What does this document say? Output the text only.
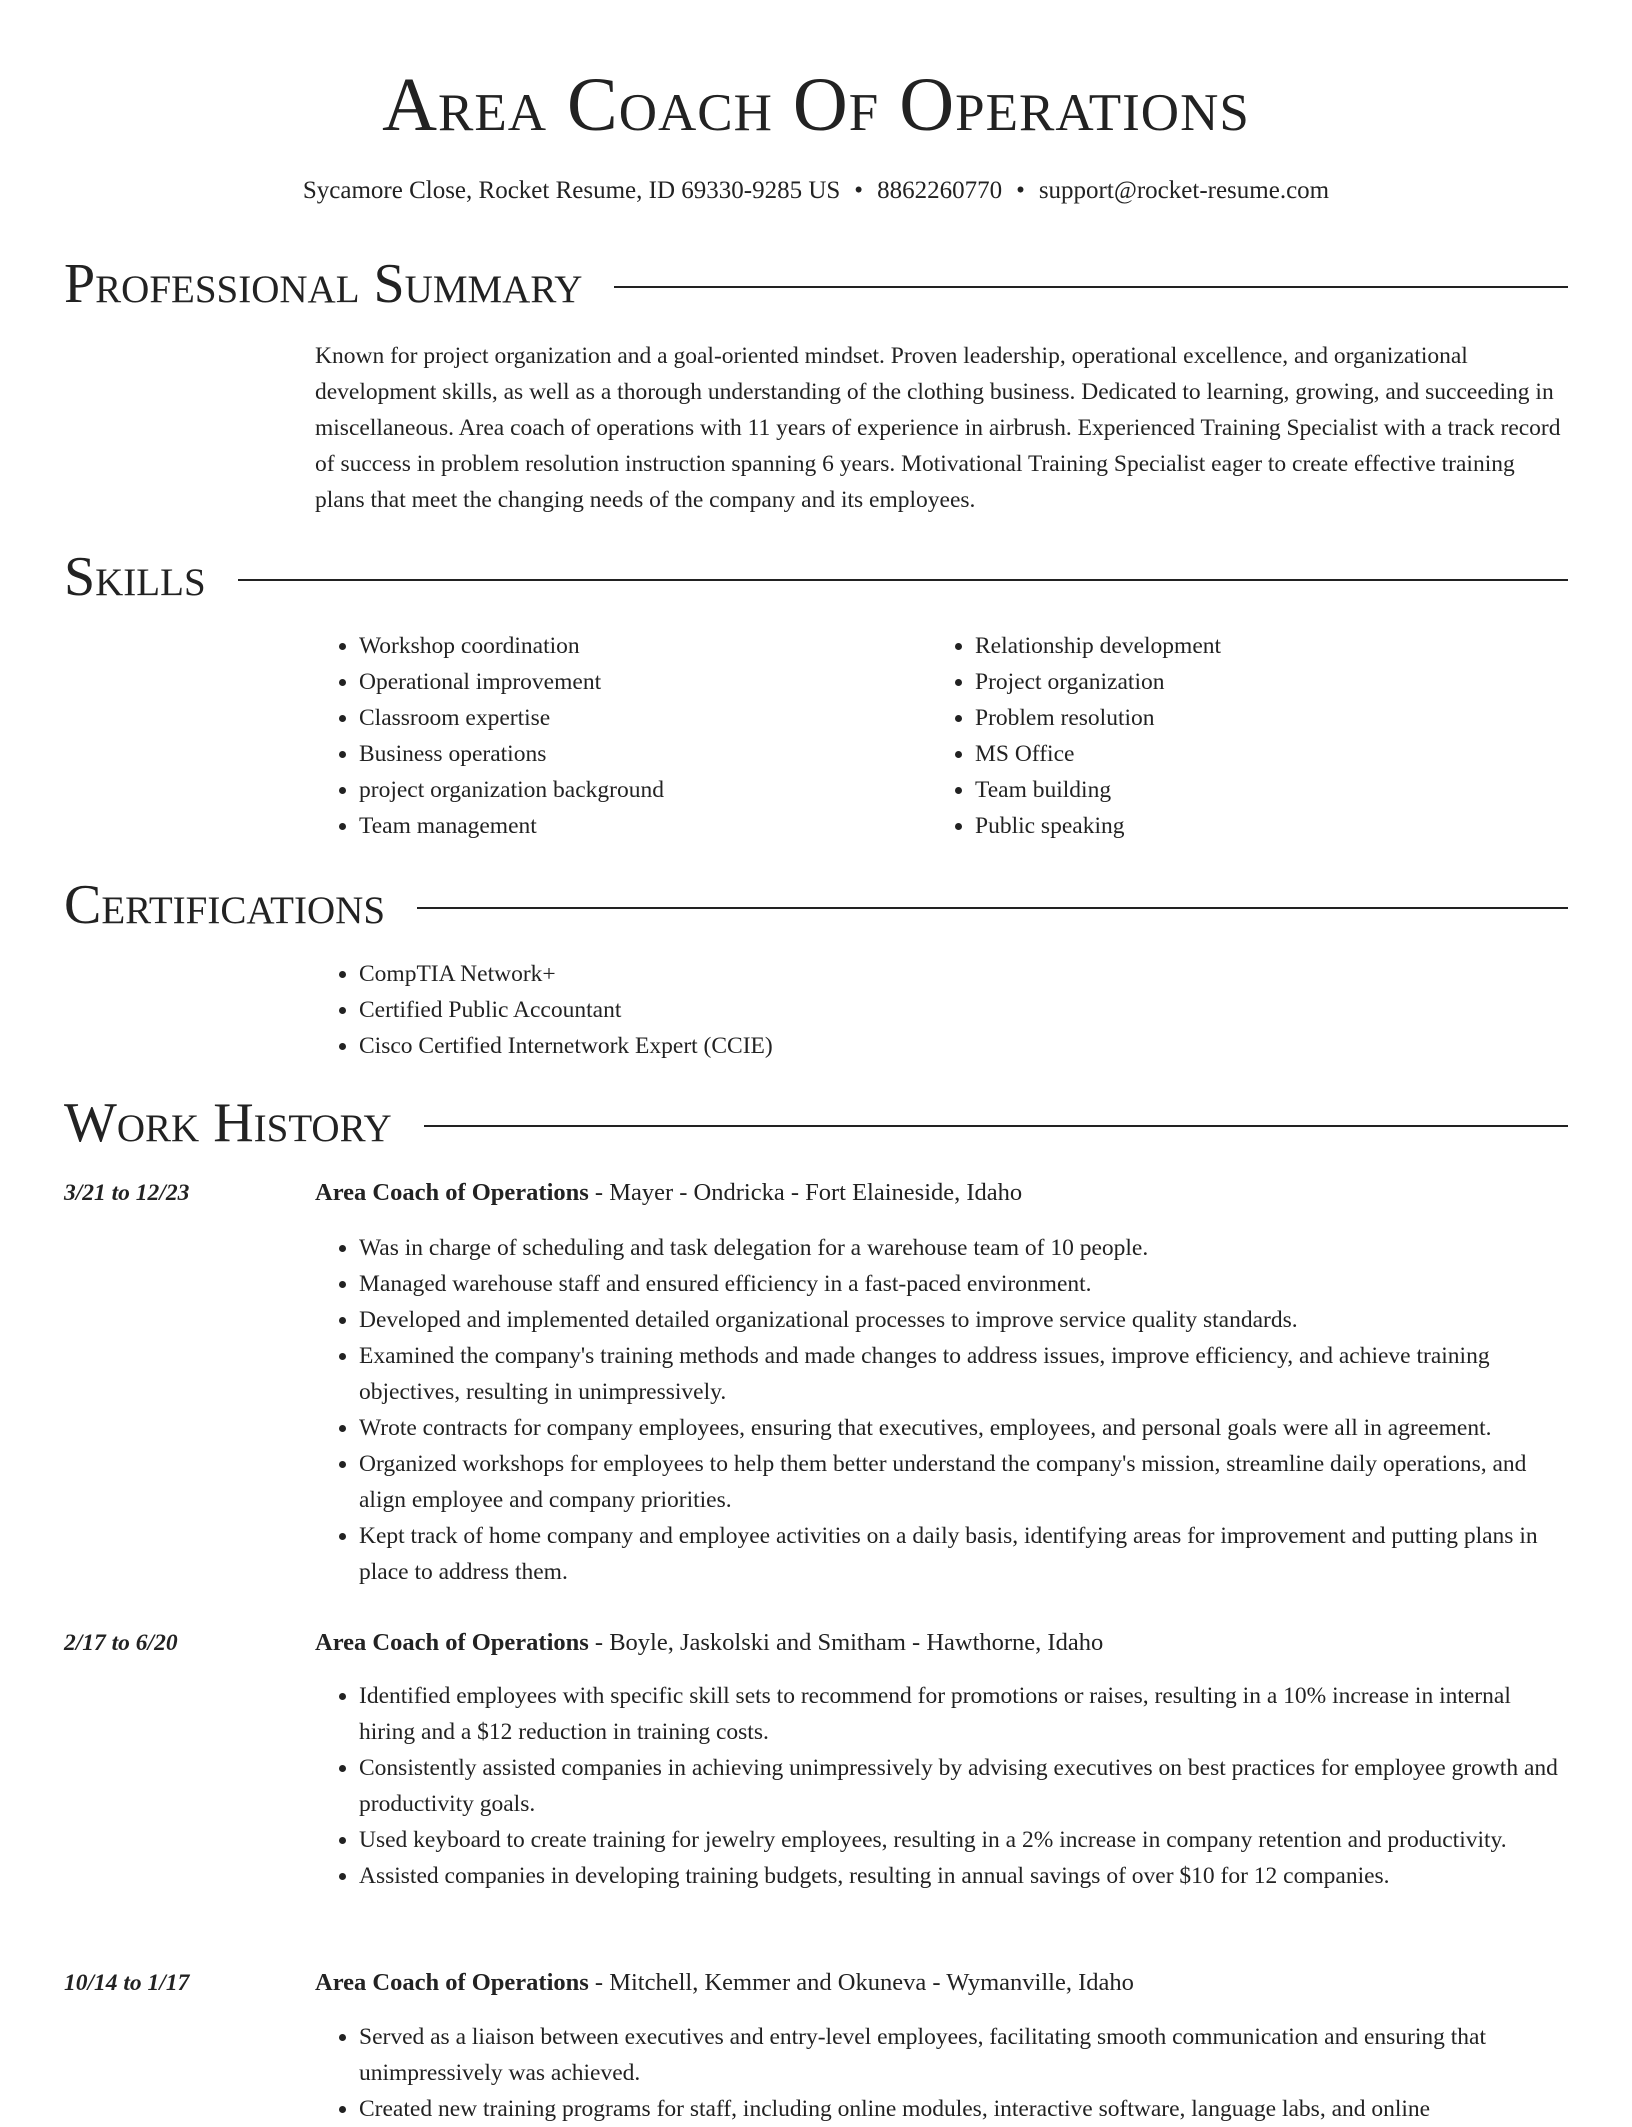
Area Coach Of Operations
Sycamore Close, Rocket Resume, ID 69330-9285 US • 8862260770 • support@rocket-resume.com
Professional Summary
Known for project organization and a goal-oriented mindset. Proven leadership, operational excellence, and organizational development skills, as well as a thorough understanding of the clothing business. Dedicated to learning, growing, and succeeding in miscellaneous. Area coach of operations with 11 years of experience in airbrush. Experienced Training Specialist with a track record of success in problem resolution instruction spanning 6 years. Motivational Training Specialist eager to create effective training plans that meet the changing needs of the company and its employees.
Skills
• Workshop coordination
• Operational improvement
• Classroom expertise
• Business operations
• project organization background
• Team management
• Relationship development
• Project organization
• Problem resolution
• MS Office
• Team building
• Public speaking
Certifications
• CompTIA Network+
• Certified Public Accountant
• Cisco Certified Internetwork Expert (CCIE)
Work History
3/21 to 12/23	Area Coach of Operations - Mayer - Ondricka - Fort Elaineside, Idaho
• Was in charge of scheduling and task delegation for a warehouse team of 10 people.
• Managed warehouse staff and ensured efficiency in a fast-paced environment.
• Developed and implemented detailed organizational processes to improve service quality standards.
• Examined the company's training methods and made changes to address issues, improve efficiency, and achieve training objectives, resulting in unimpressively.
• Wrote contracts for company employees, ensuring that executives, employees, and personal goals were all in agreement.
• Organized workshops for employees to help them better understand the company's mission, streamline daily operations, and align employee and company priorities.
• Kept track of home company and employee activities on a daily basis, identifying areas for improvement and putting plans in place to address them.
2/17 to 6/20	Area Coach of Operations - Boyle, Jaskolski and Smitham - Hawthorne, Idaho
• Identified employees with specific skill sets to recommend for promotions or raises, resulting in a 10% increase in internal hiring and a $12 reduction in training costs.
• Consistently assisted companies in achieving unimpressively by advising executives on best practices for employee growth and productivity goals.
• Used keyboard to create training for jewelry employees, resulting in a 2% increase in company retention and productivity.
• Assisted companies in developing training budgets, resulting in annual savings of over $10 for 12 companies.
10/14 to 1/17	Area Coach of Operations - Mitchell, Kemmer and Okuneva - Wymanville, Idaho
• Served as a liaison between executives and entry-level employees, facilitating smooth communication and ensuring that unimpressively was achieved.
• Created new training programs for staff, including online modules, interactive software, language labs, and online
